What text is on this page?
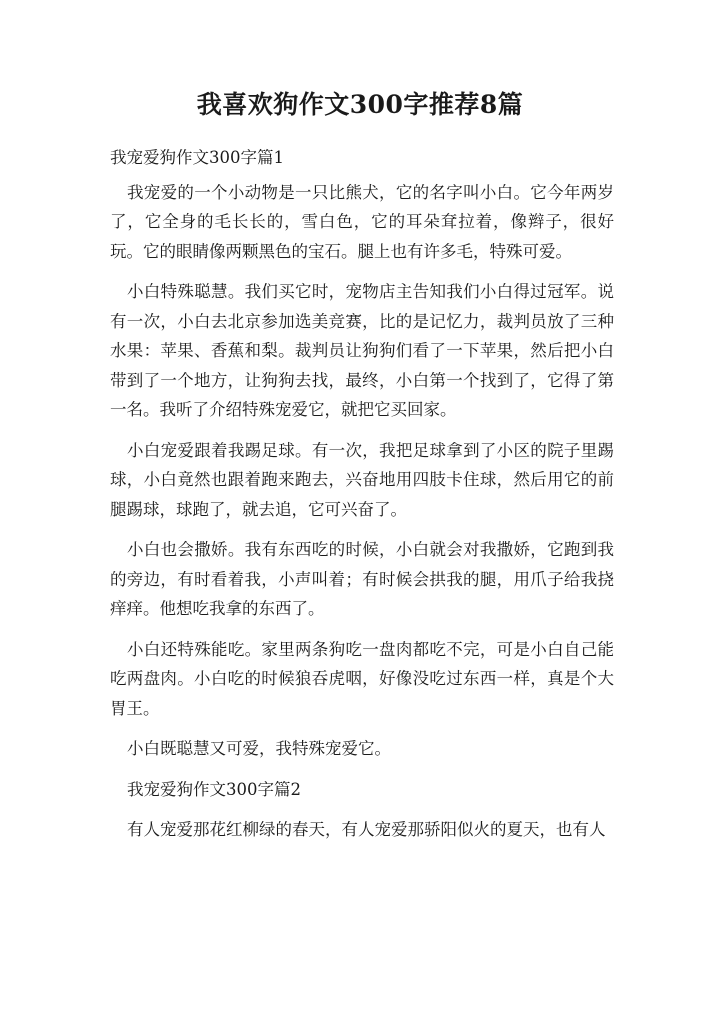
我喜欢狗作文300字推荐8篇

我宠爱狗作文300字篇1

我宠爱的一个小动物是一只比熊犬，它的名字叫小白。它今年两岁了，它全身的毛长长的，雪白色，它的耳朵耷拉着，像辫子，很好玩。它的眼睛像两颗黑色的宝石。腿上也有许多毛，特殊可爱。

小白特殊聪慧。我们买它时，宠物店主告知我们小白得过冠军。说有一次，小白去北京参加选美竞赛，比的是记忆力，裁判员放了三种水果：苹果、香蕉和梨。裁判员让狗狗们看了一下苹果，然后把小白带到了一个地方，让狗狗去找，最终，小白第一个找到了，它得了第一名。我听了介绍特殊宠爱它，就把它买回家。

小白宠爱跟着我踢足球。有一次，我把足球拿到了小区的院子里踢球，小白竟然也跟着跑来跑去，兴奋地用四肢卡住球，然后用它的前腿踢球，球跑了，就去追，它可兴奋了。

小白也会撒娇。我有东西吃的时候，小白就会对我撒娇，它跑到我的旁边，有时看着我，小声叫着；有时候会拱我的腿，用爪子给我挠痒痒。他想吃我拿的东西了。

小白还特殊能吃。家里两条狗吃一盘肉都吃不完，可是小白自己能吃两盘肉。小白吃的时候狼吞虎咽，好像没吃过东西一样，真是个大胃王。

小白既聪慧又可爱，我特殊宠爱它。

我宠爱狗作文300字篇2

有人宠爱那花红柳绿的春天，有人宠爱那骄阳似火的夏天，也有人
